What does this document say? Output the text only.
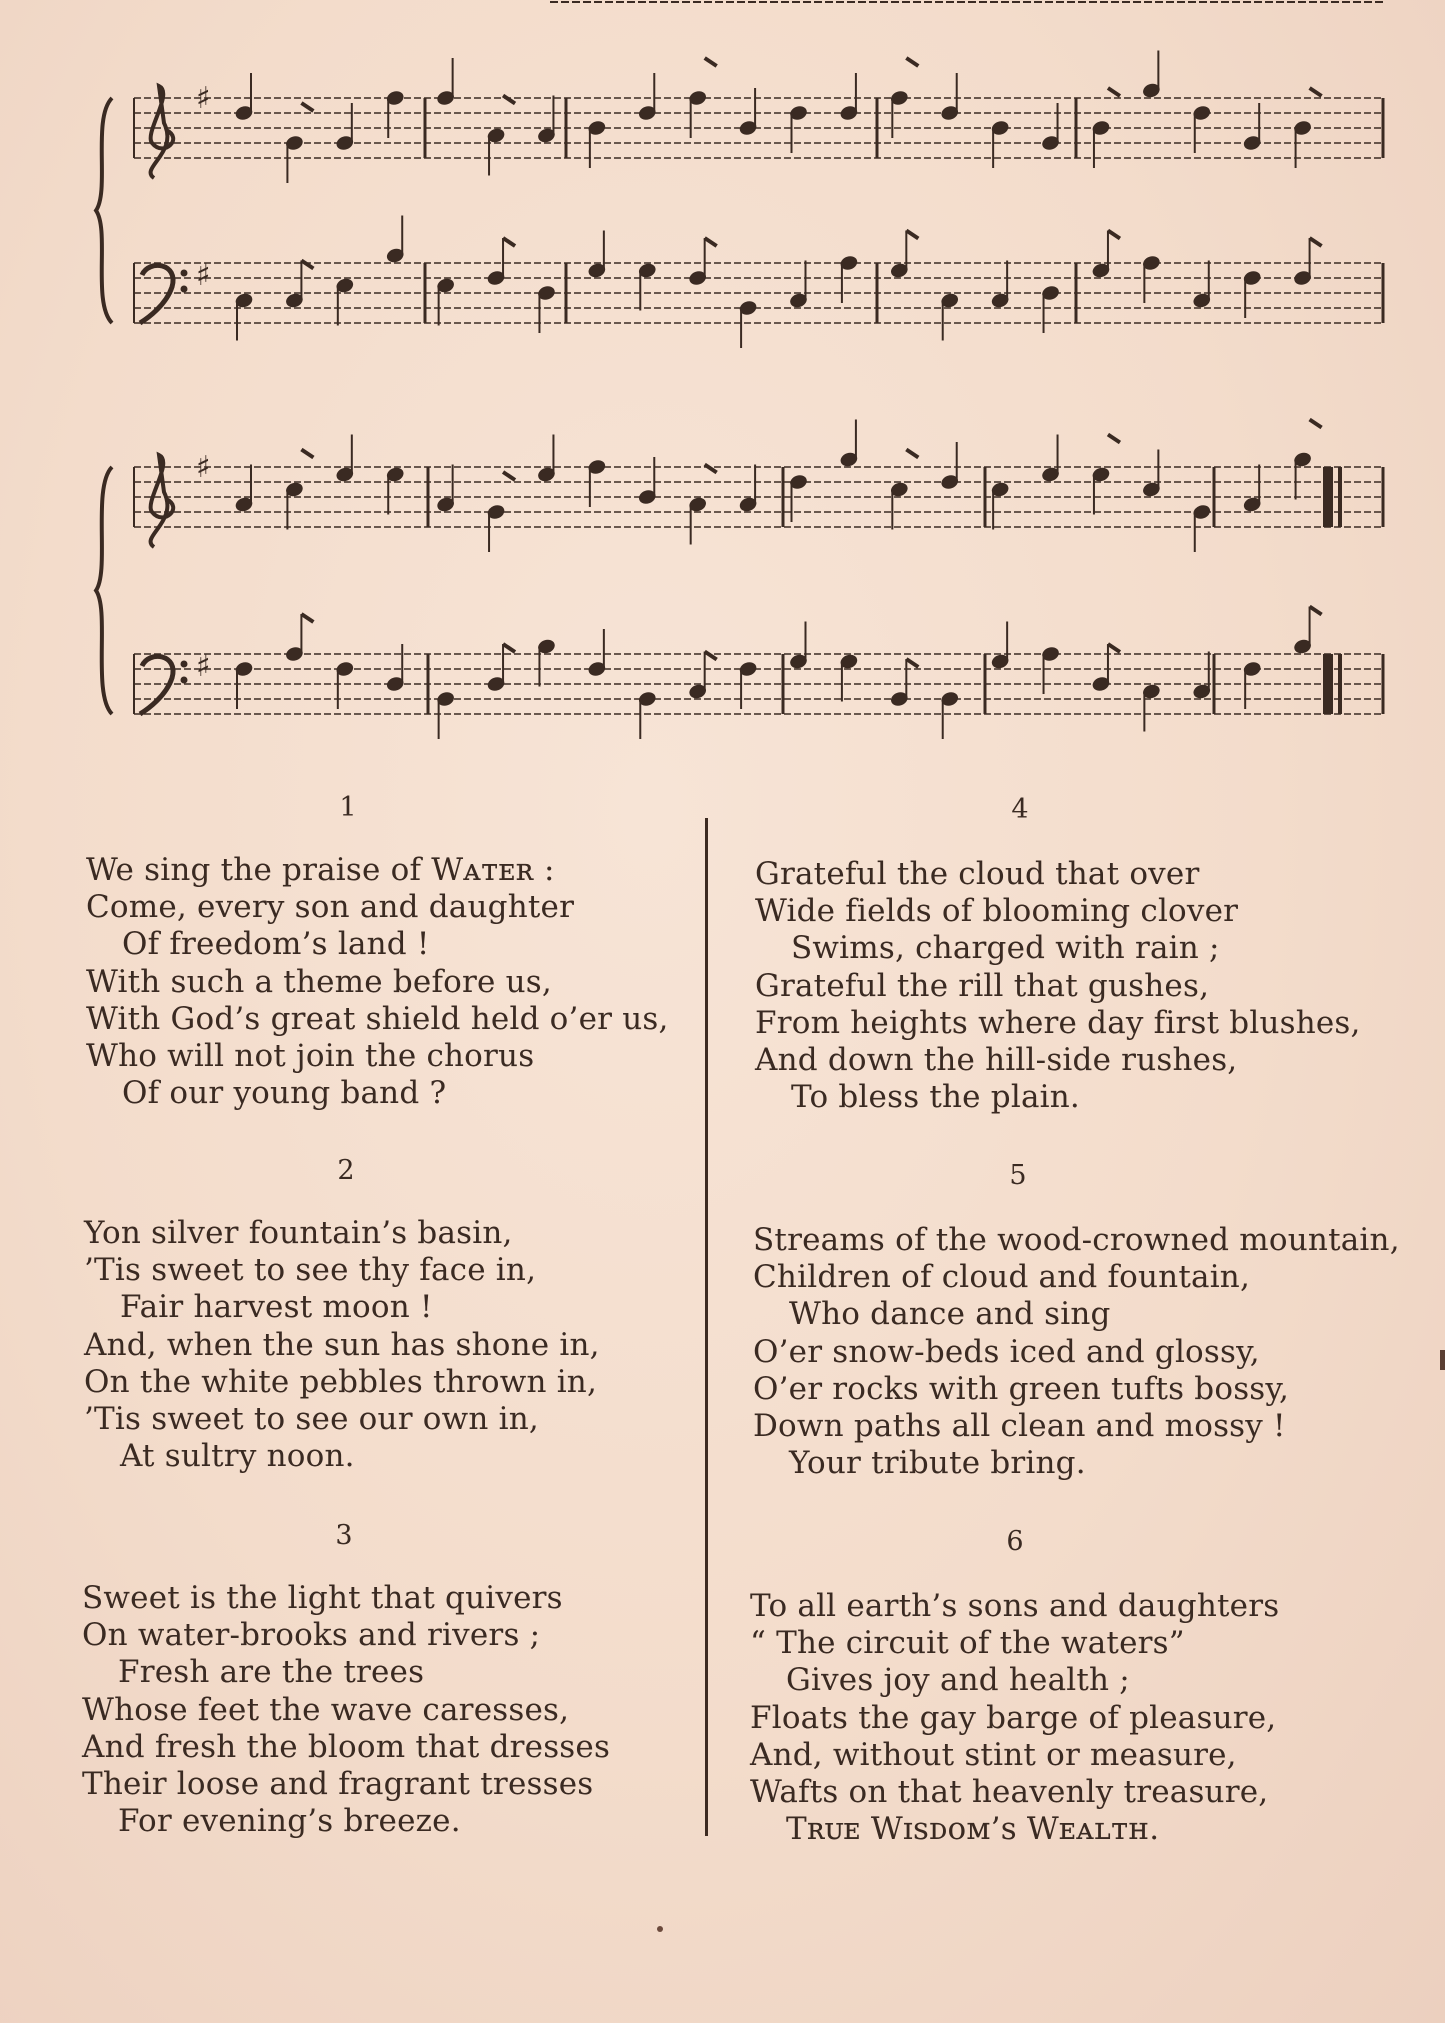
♯
♯
♯
♯
1
We sing the praise of Wᴀᴛᴇʀ :
Come, every son and daughter
Of freedom’s land !
With such a theme before us,
With God’s great shield held o’er us,
Who will not join the chorus
Of our young band ?
2
Yon silver fountain’s basin,
’Tis sweet to see thy face in,
Fair harvest moon !
And, when the sun has shone in,
On the white pebbles thrown in,
’Tis sweet to see our own in,
At sultry noon.
3
Sweet is the light that quivers
On water-brooks and rivers ;
Fresh are the trees
Whose feet the wave caresses,
And fresh the bloom that dresses
Their loose and fragrant tresses
For evening’s breeze.
4
Grateful the cloud that over
Wide fields of blooming clover
Swims, charged with rain ;
Grateful the rill that gushes,
From heights where day first blushes,
And down the hill-side rushes,
To bless the plain.
5
Streams of the wood-crowned mountain,
Children of cloud and fountain,
Who dance and sing
O’er snow-beds iced and glossy,
O’er rocks with green tufts bossy,
Down paths all clean and mossy !
Your tribute bring.
6
To all earth’s sons and daughters
“ The circuit of the waters”
Gives joy and health ;
Floats the gay barge of pleasure,
And, without stint or measure,
Wafts on that heavenly treasure,
Tʀᴜᴇ Wɪsᴅᴏᴍ’s Wᴇᴀʟᴛʜ.
